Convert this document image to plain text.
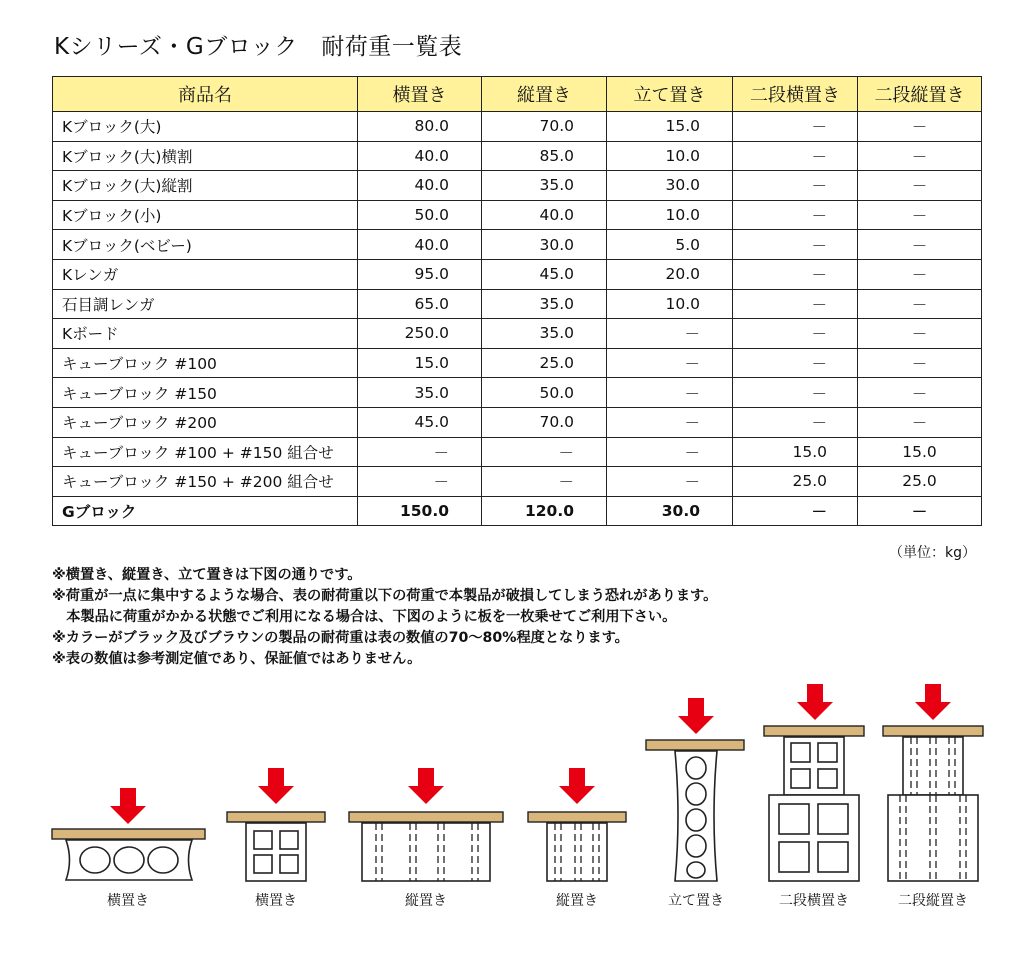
Kシリーズ・Gブロック　耐荷重一覧表
商品名	横置き	縦置き	立て置き	二段横置き	二段縦置き
Kブロック(大)	80.0	70.0	15.0	－	－
Kブロック(大)横割	40.0	85.0	10.0	－	－
Kブロック(大)縦割	40.0	35.0	30.0	－	－
Kブロック(小)	50.0	40.0	10.0	－	－
Kブロック(ベビー)	40.0	30.0	5.0	－	－
Kレンガ	95.0	45.0	20.0	－	－
石目調レンガ	65.0	35.0	10.0	－	－
Kボード	250.0	35.0	－	－	－
キューブロック #100	15.0	25.0	－	－	－
キューブロック #150	35.0	50.0	－	－	－
キューブロック #200	45.0	70.0	－	－	－
キューブロック #100 + #150 組合せ	－	－	－	15.0	15.0
キューブロック #150 + #200 組合せ	－	－	－	25.0	25.0
Gブロック	150.0	120.0	30.0	－	－
（単位：kg）
※横置き、縦置き、立て置きは下図の通りです。
※荷重が一点に集中するような場合、表の耐荷重以下の荷重で本製品が破損してしまう恐れがあります。
　本製品に荷重がかかる状態でご利用になる場合は、下図のように板を一枚乗せてご利用下さい。
※カラーがブラック及びブラウンの製品の耐荷重は表の数値の70～80%程度となります。
※表の数値は参考測定値であり、保証値ではありません。
横置き	横置き	縦置き	縦置き	立て置き	二段横置き	二段縦置き
